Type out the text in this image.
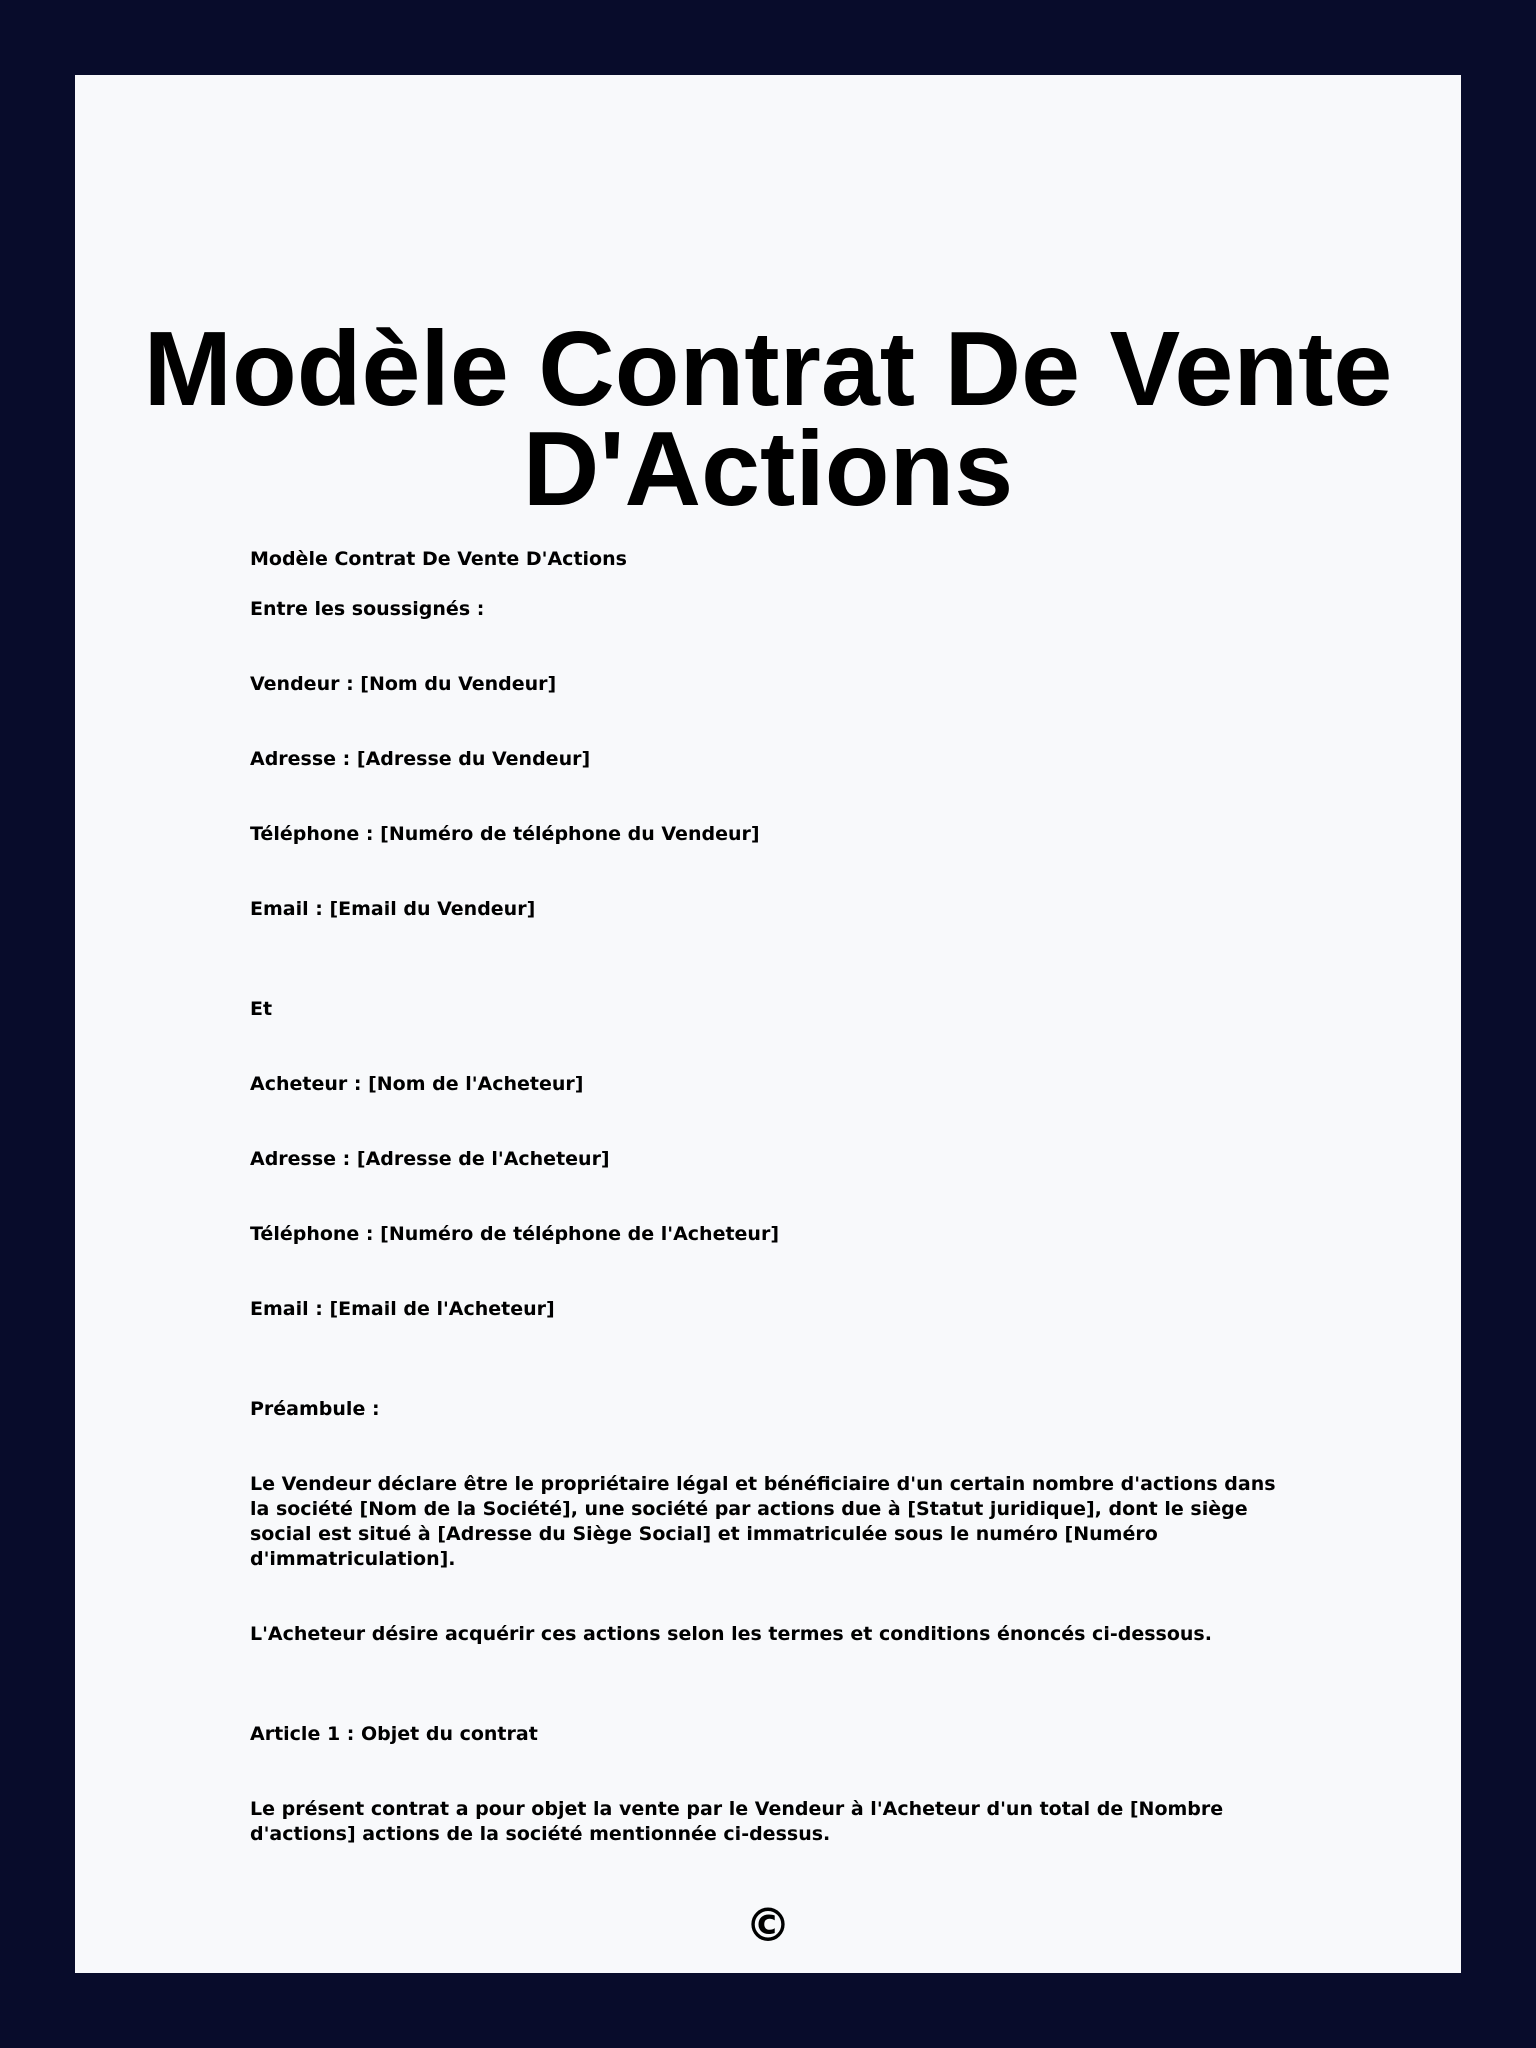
Modèle Contrat De Vente D'Actions

Modèle Contrat De Vente D'Actions

Entre les soussignés :

Vendeur : [Nom du Vendeur]

Adresse : [Adresse du Vendeur]

Téléphone : [Numéro de téléphone du Vendeur]

Email : [Email du Vendeur]

Et

Acheteur : [Nom de l'Acheteur]

Adresse : [Adresse de l'Acheteur]

Téléphone : [Numéro de téléphone de l'Acheteur]

Email : [Email de l'Acheteur]

Préambule :

Le Vendeur déclare être le propriétaire légal et bénéficiaire d'un certain nombre d'actions dans la société [Nom de la Société], une société par actions due à [Statut juridique], dont le siège social est situé à [Adresse du Siège Social] et immatriculée sous le numéro [Numéro d'immatriculation].

L'Acheteur désire acquérir ces actions selon les termes et conditions énoncés ci-dessous.

Article 1 : Objet du contrat

Le présent contrat a pour objet la vente par le Vendeur à l'Acheteur d'un total de [Nombre d'actions] actions de la société mentionnée ci-dessus.

©
